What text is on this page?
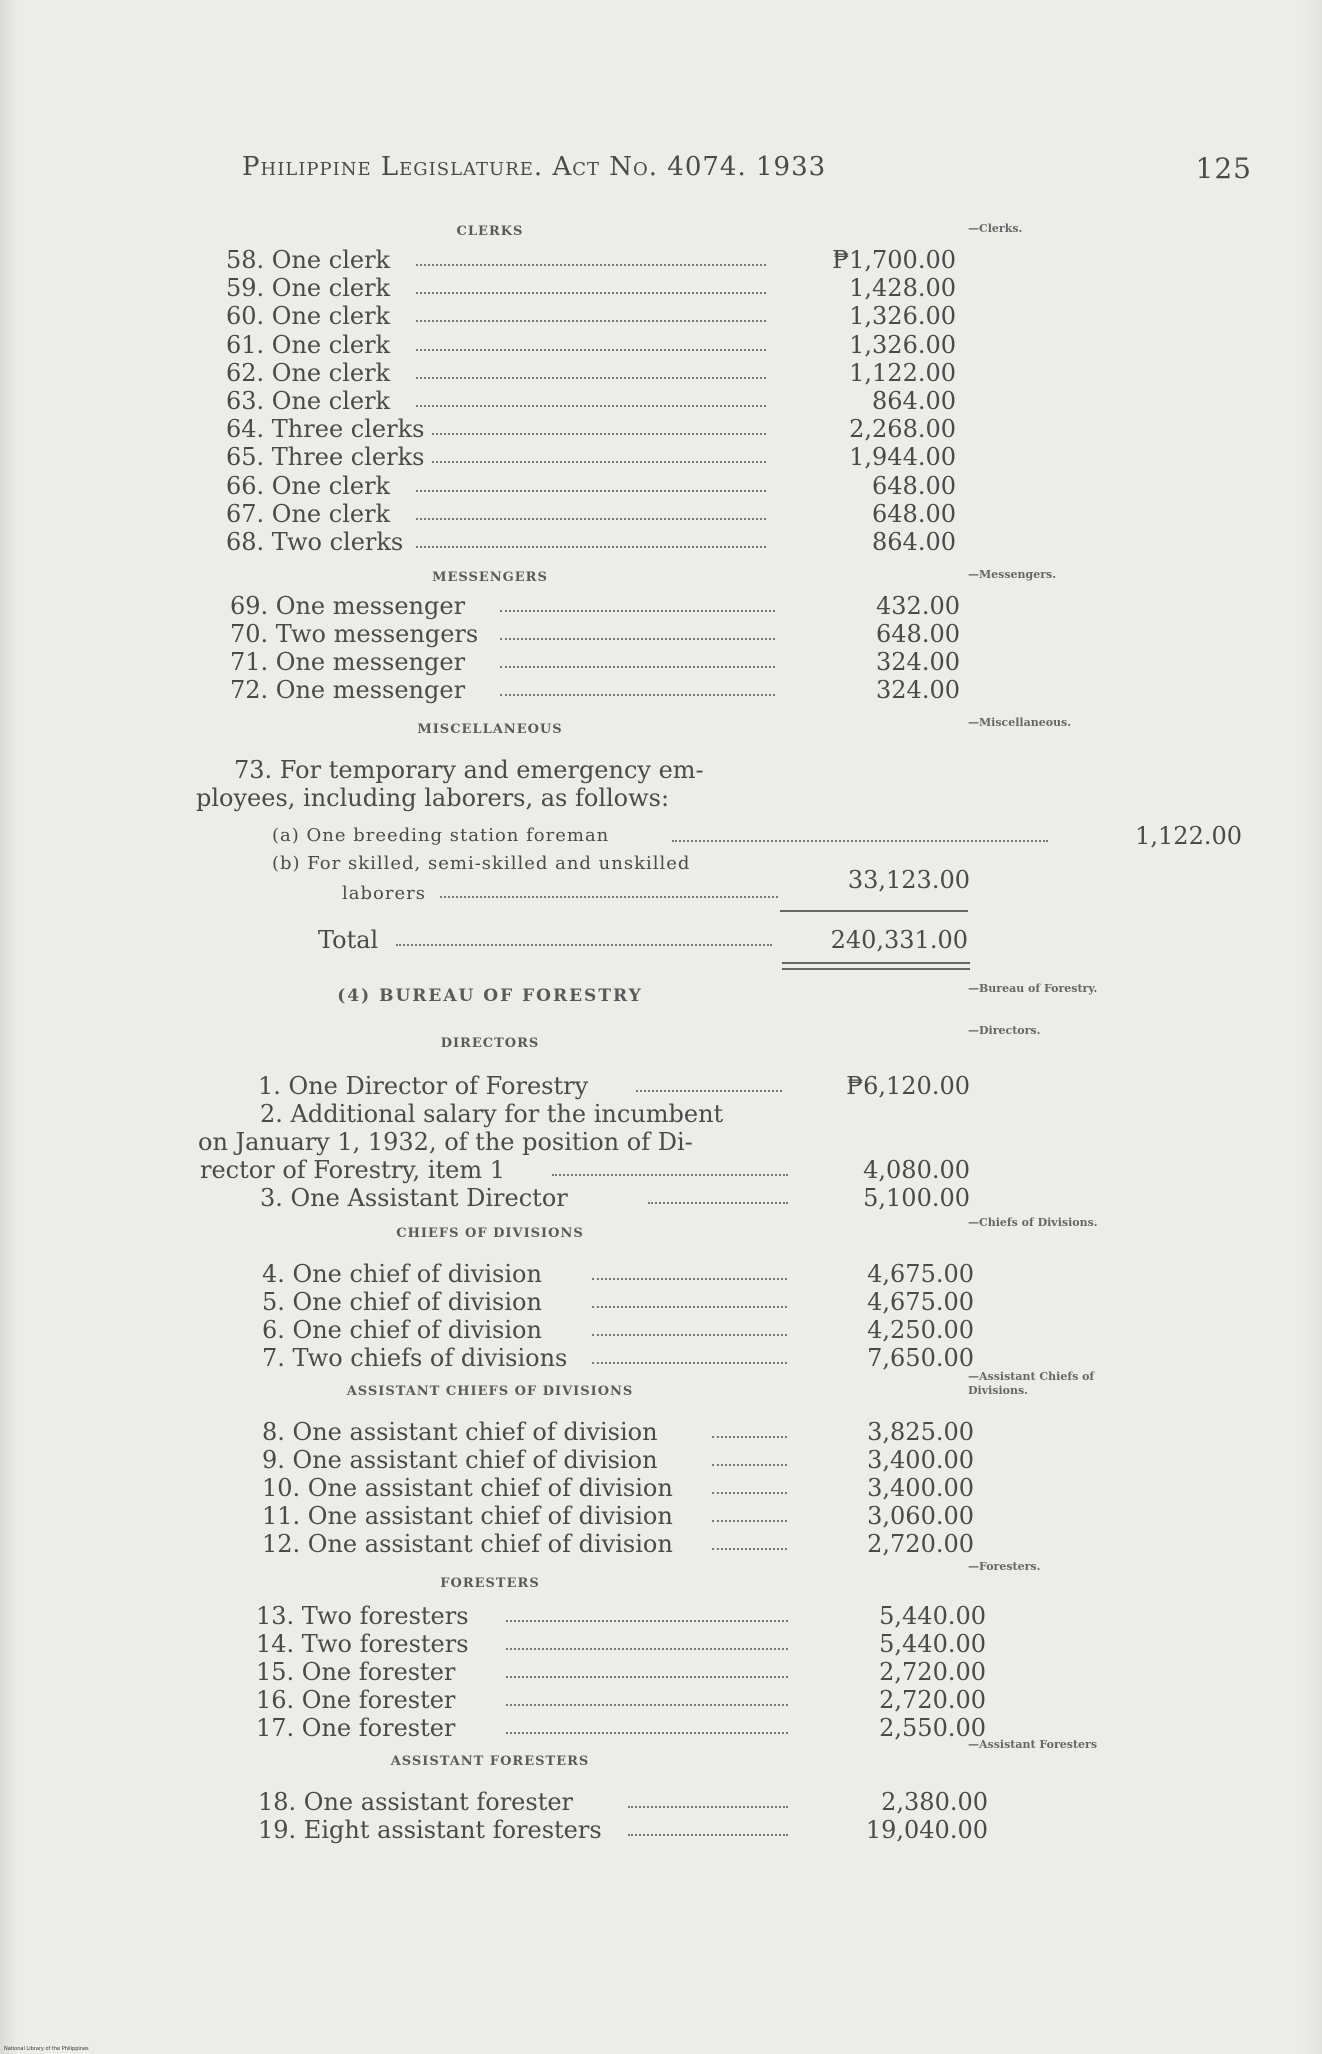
Philippine Legislature. Act No. 4074. 1933	125
CLERKS	—Clerks.
58. One clerk	₱1,700.00
59. One clerk	1,428.00
60. One clerk	1,326.00
61. One clerk	1,326.00
62. One clerk	1,122.00
63. One clerk	864.00
64. Three clerks	2,268.00
65. Three clerks	1,944.00
66. One clerk	648.00
67. One clerk	648.00
68. Two clerks	864.00
MESSENGERS	—Messengers.
69. One messenger	432.00
70. Two messengers	648.00
71. One messenger	324.00
72. One messenger	324.00
MISCELLANEOUS	—Miscellaneous.
73. For temporary and emergency em-
ployees, including laborers, as follows:
(a) One breeding station foreman	1,122.00
(b) For skilled, semi-skilled and unskilled
laborers	33,123.00
Total	240,331.00
(4) BUREAU OF FORESTRY	—Bureau of Forestry.
DIRECTORS
—Directors.
1. One Director of Forestry	₱6,120.00
2. Additional salary for the incumbent
on January 1, 1932, of the position of Di-
rector of Forestry, item 1	4,080.00
3. One Assistant Director	5,100.00
CHIEFS OF DIVISIONS
—Chiefs of Divisions.
4. One chief of division	4,675.00
5. One chief of division	4,675.00
6. One chief of division	4,250.00
7. Two chiefs of divisions	7,650.00
ASSISTANT CHIEFS OF DIVISIONS
—Assistant Chiefs of
Divisions.
8. One assistant chief of division	3,825.00
9. One assistant chief of division	3,400.00
10. One assistant chief of division	3,400.00
11. One assistant chief of division	3,060.00
12. One assistant chief of division	2,720.00
FORESTERS
—Foresters.
13. Two foresters	5,440.00
14. Two foresters	5,440.00
15. One forester	2,720.00
16. One forester	2,720.00
17. One forester	2,550.00
ASSISTANT FORESTERS
—Assistant Foresters
18. One assistant forester	2,380.00
19. Eight assistant foresters	19,040.00
National Library of the Philippines
